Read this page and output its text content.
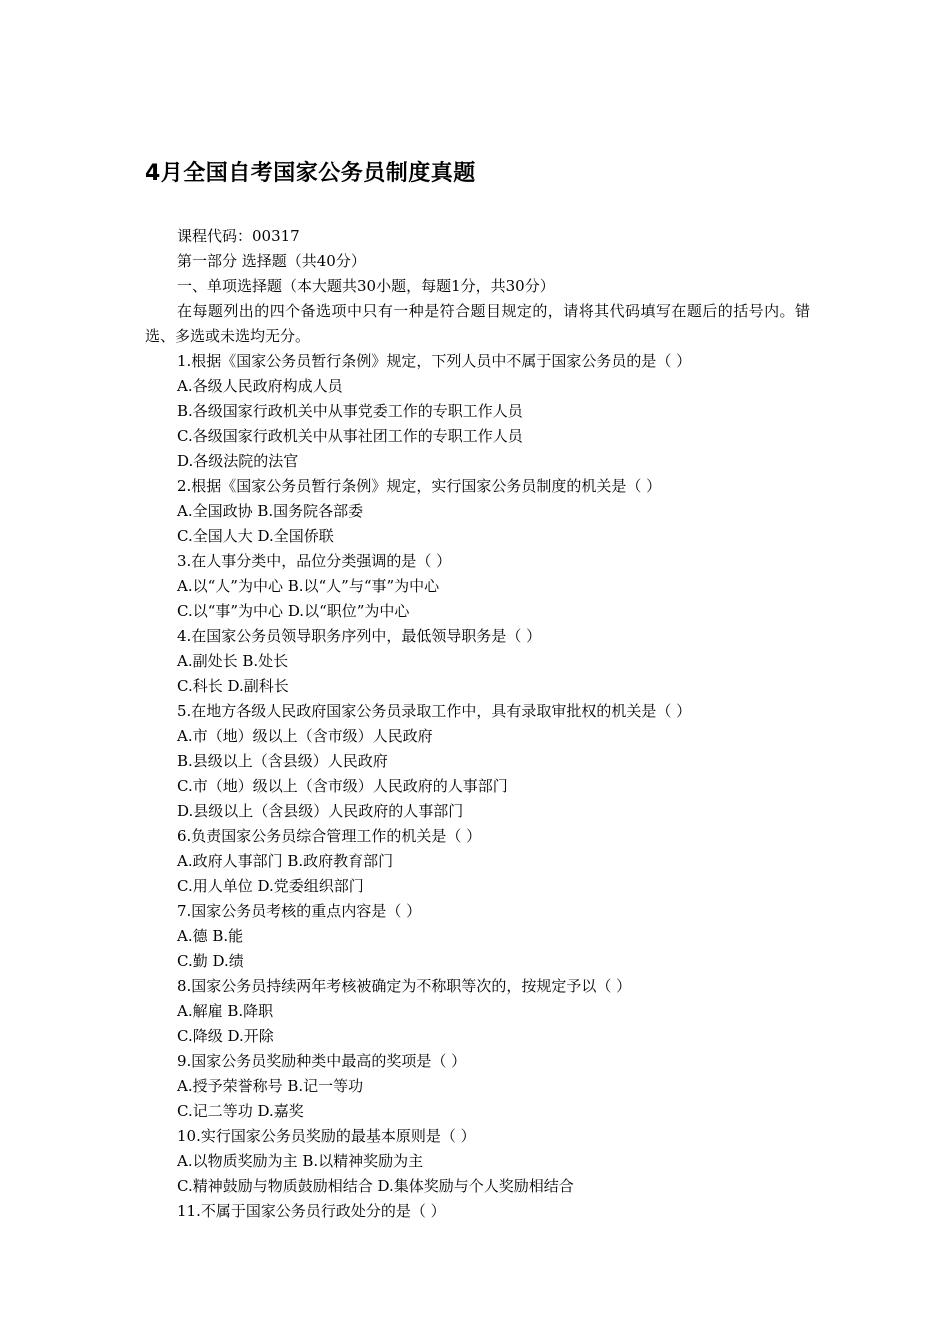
4月全国自考国家公务员制度真题
课程代码：00317
第一部分 选择题（共40分）
一、单项选择题（本大题共30小题，每题1分，共30分）
在每题列出的四个备选项中只有一种是符合题目规定的，请将其代码填写在题后的括号内。错选、多选或未选均无分。
1.根据《国家公务员暂行条例》规定，下列人员中不属于国家公务员的是（ ）
A.各级人民政府构成人员
B.各级国家行政机关中从事党委工作的专职工作人员
C.各级国家行政机关中从事社团工作的专职工作人员
D.各级法院的法官
2.根据《国家公务员暂行条例》规定，实行国家公务员制度的机关是（ ）
A.全国政协 B.国务院各部委
C.全国人大 D.全国侨联
3.在人事分类中，品位分类强调的是（ ）
A.以“人”为中心 B.以“人”与“事”为中心
C.以“事”为中心 D.以“职位”为中心
4.在国家公务员领导职务序列中，最低领导职务是（ ）
A.副处长 B.处长
C.科长 D.副科长
5.在地方各级人民政府国家公务员录取工作中，具有录取审批权的机关是（ ）
A.市（地）级以上（含市级）人民政府
B.县级以上（含县级）人民政府
C.市（地）级以上（含市级）人民政府的人事部门
D.县级以上（含县级）人民政府的人事部门
6.负责国家公务员综合管理工作的机关是（ ）
A.政府人事部门 B.政府教育部门
C.用人单位 D.党委组织部门
7.国家公务员考核的重点内容是（ ）
A.德 B.能
C.勤 D.绩
8.国家公务员持续两年考核被确定为不称职等次的，按规定予以（ ）
A.解雇 B.降职
C.降级 D.开除
9.国家公务员奖励种类中最高的奖项是（ ）
A.授予荣誉称号 B.记一等功
C.记二等功 D.嘉奖
10.实行国家公务员奖励的最基本原则是（ ）
A.以物质奖励为主 B.以精神奖励为主
C.精神鼓励与物质鼓励相结合 D.集体奖励与个人奖励相结合
11.不属于国家公务员行政处分的是（ ）
